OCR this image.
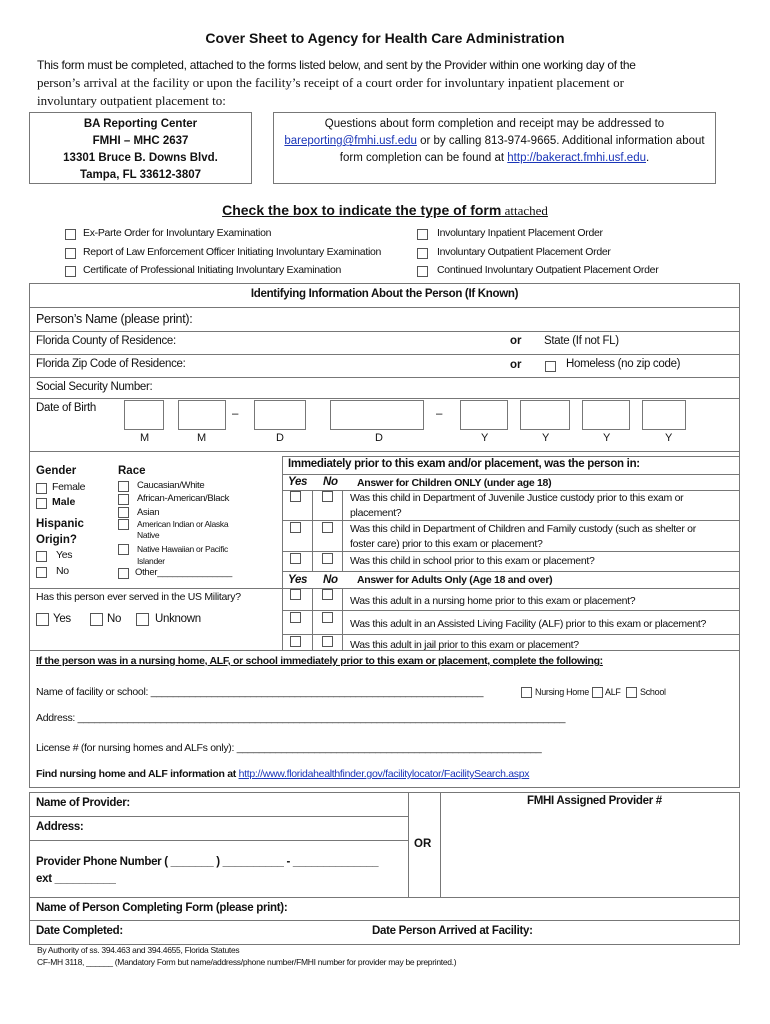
Cover Sheet to Agency for Health Care Administration
This form must be completed, attached to the forms listed below, and sent by the Provider within one working day of the
person’s arrival at the facility or upon the facility’s receipt of a court order for involuntary inpatient placement or
involuntary outpatient placement to:
BA Reporting Center
FMHI – MHC 2637
13301 Bruce B. Downs Blvd.
Tampa, FL 33612-3807
Questions about form completion and receipt may be addressed to
bareporting@fmhi.usf.edu or by calling 813-974-9665. Additional information about
form completion can be found at http://bakeract.fmhi.usf.edu.
Check the box to indicate the type of form attached
Ex-Parte Order for Involuntary Examination
Report of Law Enforcement Officer Initiating Involuntary Examination
Certificate of Professional Initiating Involuntary Examination
Involuntary Inpatient Placement Order
Involuntary Outpatient Placement Order
Continued Involuntary Outpatient Placement Order
Identifying Information About the Person (If Known)
Person’s Name (please print):
Florida County of Residence:	or State (If not FL)
Florida Zip Code of Residence:	or	Homeless (no zip code)
Social Security Number:
Date of Birth	–	–
M	M	D	D	Y	Y	Y	Y
Gender
Female
Male
Hispanic
Origin?
Yes
No
Race
Caucasian/White
African-American/Black
Asian
American Indian or Alaska
Native
Native Hawaiian or Pacific
Islander
Other_______________
Has this person ever served in the US Military?
Yes	No	Unknown
Immediately prior to this exam and/or placement, was the person in:
Yes No Answer for Children ONLY (under age 18)
Was this child in Department of Juvenile Justice custody prior to this exam or
placement?
Was this child in Department of Children and Family custody (such as shelter or
foster care) prior to this exam or placement?
Was this child in school prior to this exam or placement?
Yes No Answer for Adults Only (Age 18 and over)
Was this adult in a nursing home prior to this exam or placement?
Was this adult in an Assisted Living Facility (ALF) prior to this exam or placement?
Was this adult in jail prior to this exam or placement?
If the person was in a nursing home, ALF, or school immediately prior to this exam or placement, complete the following:
Name of facility or school: ____________________________________________________________	Nursing Home ALF School
Address: ________________________________________________________________________________________
License # (for nursing homes and ALFs only): _______________________________________________________
Find nursing home and ALF information at http://www.floridahealthfinder.gov/facilitylocator/FacilitySearch.aspx
Name of Provider:
Address:
Provider Phone Number ( _______ ) __________ - ______________
ext __________
OR
FMHI Assigned Provider #
Name of Person Completing Form (please print):
Date Completed:	Date Person Arrived at Facility:
By Authority of ss. 394.463 and 394.4655, Florida Statutes
CF-MH 3118, ______ (Mandatory Form but name/address/phone number/FMHI number for provider may be preprinted.)
